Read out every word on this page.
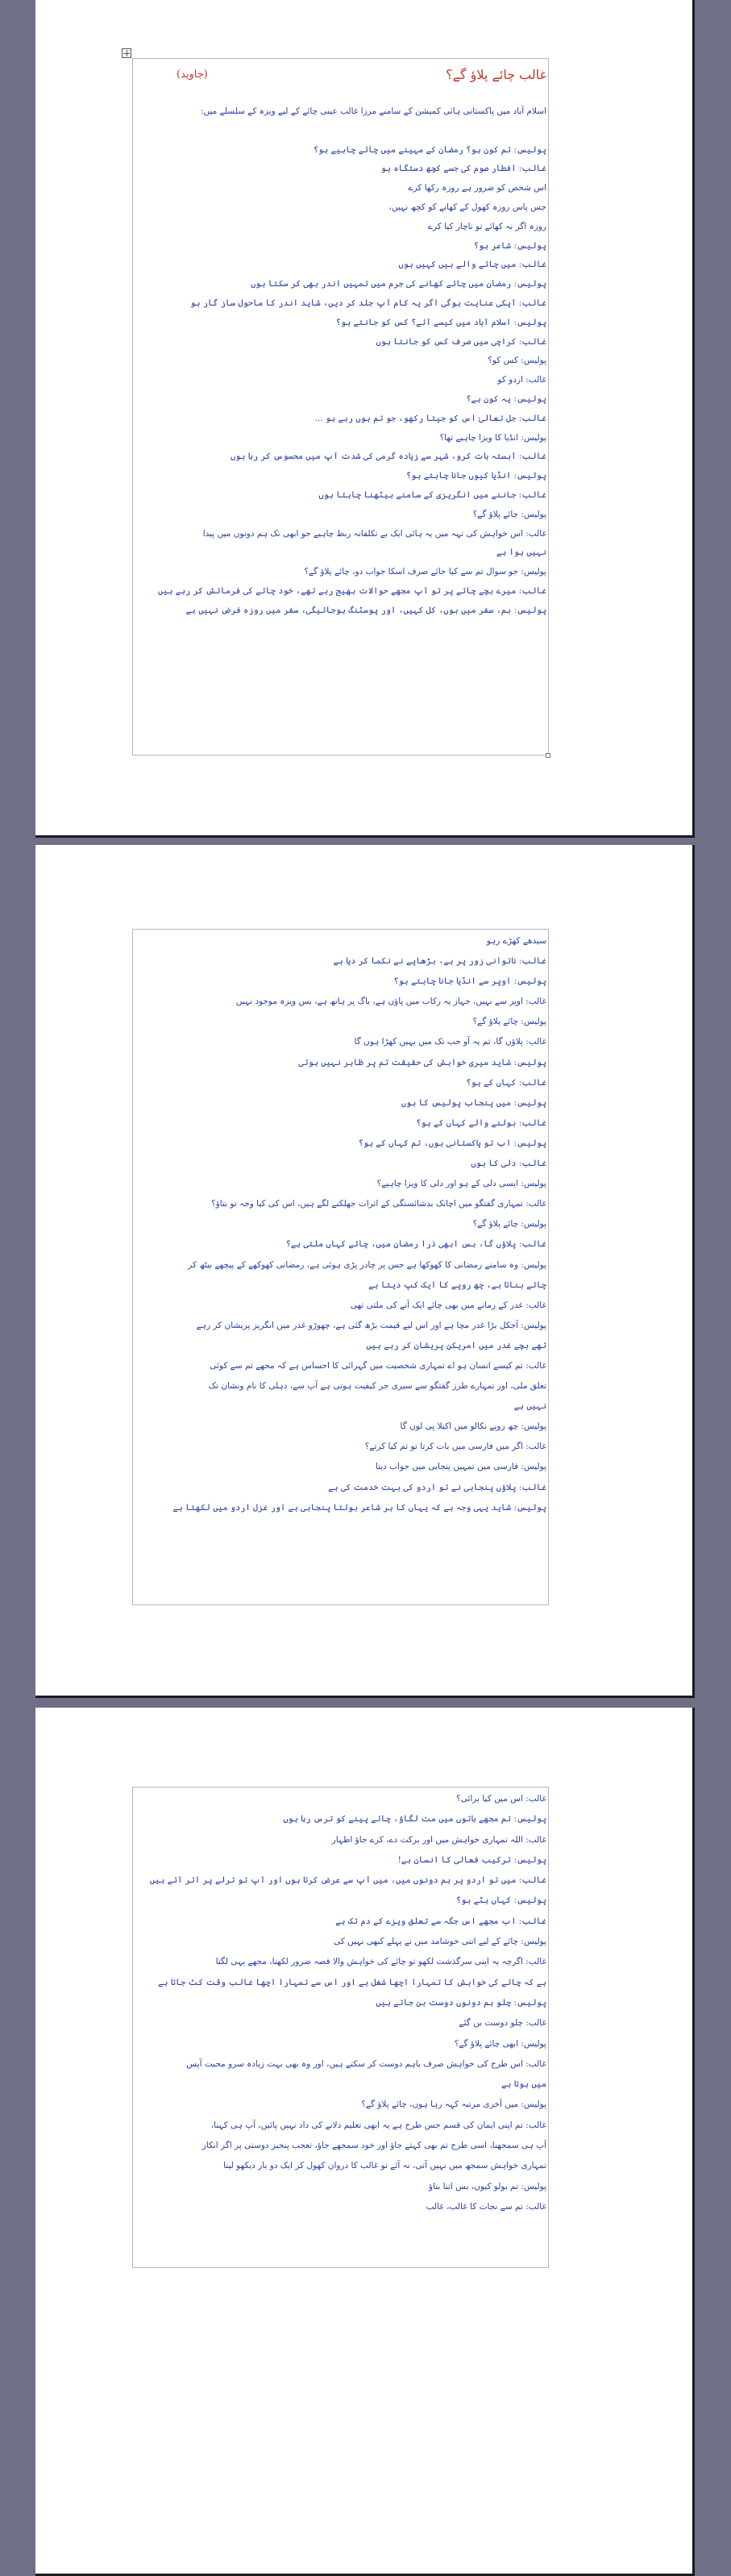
غالب چائے پلاؤ گے؟
(جاوید)
اسلام آباد میں پاکستانی ہائی کمیشن کے سامنے مرزا غالب عینی چائے کے لیے ویزہ کے سلسلے میں:

پولیس: تم کون ہو؟ رمضان کے مہینے میں چائے چاہیے ہو؟
غالب: افطار صوم کی جسے کچھ دستگاہ ہو
اس شخص کو ضرور ہے روزہ رکھا کرے
جس پاس روزہ کھول کے کھانے کو کچھ نہیں،
روزہ اگر نہ کھائے تو ناچار کیا کرے
پولیس: شاعر ہو؟
غالب: میں چائے والے ہیں کہیں ہوں
پولیس: رمضان میں چائے کھانے کی جرم میں تمہیں اندر بھی کر سکتا ہوں
غالب: آپکی عنایت ہوگی اگر یہ کام آپ جلد کر دیں، شاید اندر کا ماحول ساز گار ہو
پولیس: اسلام آباد میں کیسے آئے؟ کس کو جانتے ہو؟
غالب: کراچی میں صرف کس کو جانتا ہوں
پولیس: کس کو؟
غالب: اردو کو
پولیس: یہ کون ہے؟
غالب: جل تعالیٰ اس کو جیتا رکھو، جو تم ہوں رہے ہو ...
پولیس: انڈیا کا ویزا چاہیے تھا؟
غالب: آہستہ بات کرو، شہر سے زیادہ گرمی کی شدت آپ میں محسوس کر رہا ہوں
پولیس: انڈیا کیوں جانا چاہتے ہو؟
غالب: جاننے میں انگریزی کے سامنے بیٹھنا چاہتا ہوں
پولیس: چائے پلاؤ گے؟
غالب: اس خواہش کی تہہ میں یہ ہائی ایک بے تکلفانہ ربط چاہیے جو ابھی تک ہم دونوں میں پیدا
نہیں ہوا ہے
پولیس: جو سوال تم سے کیا جائے صرف اسکا جواب دو، چائے پلاؤ گے؟
غالب: میرے بچے چائے پر تو آپ مجھے حوالات بھیج رہے تھے، خود چائے کی فرمائش کر رہے ہیں
پولیس: ہم، سفر میں ہوں، کل کہیں، اور پوسٹنگ ہوجائیگی، سفر میں روزہ فرض نہیں ہے
سیدھے کھڑے رہو
غالب: ناتوانی زور پر ہے، بڑھاپے نے نکما کر دیا ہے
پولیس: اوپر سے انڈیا جانا چاہتے ہو؟
غالب: اوپر سے نہیں، جہاز یہ رکاب میں پاؤں ہے، باگ پر ہاتھ ہے، بس ویزہ موجود نہیں
پولیس: چائے پلاؤ گے؟
غالب: پلاؤں گا، تم یہ آو جب تک میں یہیں کھڑا ہوں گا
پولیس: شاید میری خواہش کی حقیقت تم پر ظاہر نہیں ہوئی
غالب: کہاں کے ہو؟
پولیس: میں پنجاب پولیس کا ہوں
غالب: بولنے والے کہاں کے ہو؟
پولیس: اب تو پاکستانی ہوں، تم کہاں کے ہو؟
غالب: دلی کا ہوں
پولیس: ایسی دلی کے ہو اور دلی کا ویزا چاہیے؟
غالب: تمہاری گفتگو میں اچانک بدشائستگی کے اثرات جھلکنے لگے ہیں، اس کی کیا وجہ تو بتاؤ؟
پولیس: چائے پلاؤ گے؟
غالب: پلاؤں گا، بس ابھی ذرا رمضان میں، چائے کہاں ملتی ہے؟
پولیس: وہ سامنے رمضانی کا کھوکھا ہے جس پر چادر پڑی ہوئی ہے، رمضانی کھوکھے کے پیچھے بیٹھ کر
چائے بناتا ہے، چھ روپے کا ایک کپ دیتا ہے
غالب: غدر کے زمانے میں بھی چائے ایک آنے کی ملتی تھی
پولیس: آجکل بڑا غدر مچا ہے اور اس لیے قیمت بڑھ گئی ہے، چھوڑو غدر میں انگریز پریشان کر رہے
تھے بچے غدر میں امریکن پریشان کر رہے ہیں
غالب: تم کیسے انسان ہو اے تمہاری شخصیت میں گہرائی کا احساس ہے کہ مجھے تم سے کوئی
تعلق ملی، اور تمہارے طرز گفتگو سے سیری جر کیفیت ہوتی ہے آپ سے، دہلی کا نام ونشان تک
نہیں ہے
پولیس: چھ روپے نکالو میں اکیلا پی لوں گا
غالب: اگر میں فارسی میں بات کرتا تو تم کیا کرتے؟
پولیس: فارسی میں تمہیں پنجابی میں جواب دیتا
غالب: پلاؤں پنجابی نے تو اردو کی بہت خدمت کی ہے
پولیس: شاید یہی وجہ ہے کہ یہاں کا ہر شاعر بولتا پنجابی ہے اور غزل اردو میں لکھتا ہے
غالب: اس میں کیا برائی؟
پولیس: تم مجھے باتوں میں مت لگاؤ، چائے پینے کو ترس رہا ہوں
غالب: اللہ تمہاری خواہش میں اور برکت دے، کرے جاؤ اظہار
پولیس: ترکیب فعالی کا انسان ہے!
غالب: میں تو اردو پر ہم دونوں میں، میں آپ سے عرض کرتا ہوں اور آپ تو ترلے پر اتر آئے ہیں
پولیس: کہاں ہٹے ہو؟
غالب: اب مجھے اس جگہ سے تعلق ویزے کے دم تک ہے
پولیس: چائے کے لیے اتنی خوشامد میں نے پہلے کبھی نہیں کی
غالب: اگرچہ یہ اپنی سرگذشت لکھو تو چائے کی خواہش والا قصہ ضرور لکھنا، مجھے یہی لگتا
ہے کہ چائے کی خواہش کا تمہارا اچھا شغل ہے اور اس سے تمہارا اچھا غالب وقت کٹ جاتا ہے
پولیس: چلو ہم دونوں دوست بن جاتے ہیں
غالب: چلو دوست بن گئے
پولیس: ابھی چائے پلاؤ گے؟
غالب: اس طرح کی خواہش صرف باہم دوست کر سکتے ہیں، اور وہ بھی بہت زیادہ سرو محبت آپس
میں ہوتا ہے
پولیس: میں آخری مرتبہ کہہ رہا ہوں، چائے پلاؤ گے؟
غالب: تم اپنی ایمان کی قسم جس طرح ہے یہ ابھی تعلیم دلانے کی داد نہیں پائیں، آپ ہی کہنا،
آپ ہی سمجھنا، اسی طرح تم بھی کہتے جاؤ اور خود سمجھے جاؤ، تعجب پنجیز دوستی پر اگر انکار
تمہاری خواہش سمجھ میں نہیں آتی، نہ آئے تو غالب کا دروان کھول کر ایک دو بار دیکھو لینا
پولیس: تم بولو کیوں، بس اتنا بتاؤ
غالب: تم سے نجات کا غالب، غالب
